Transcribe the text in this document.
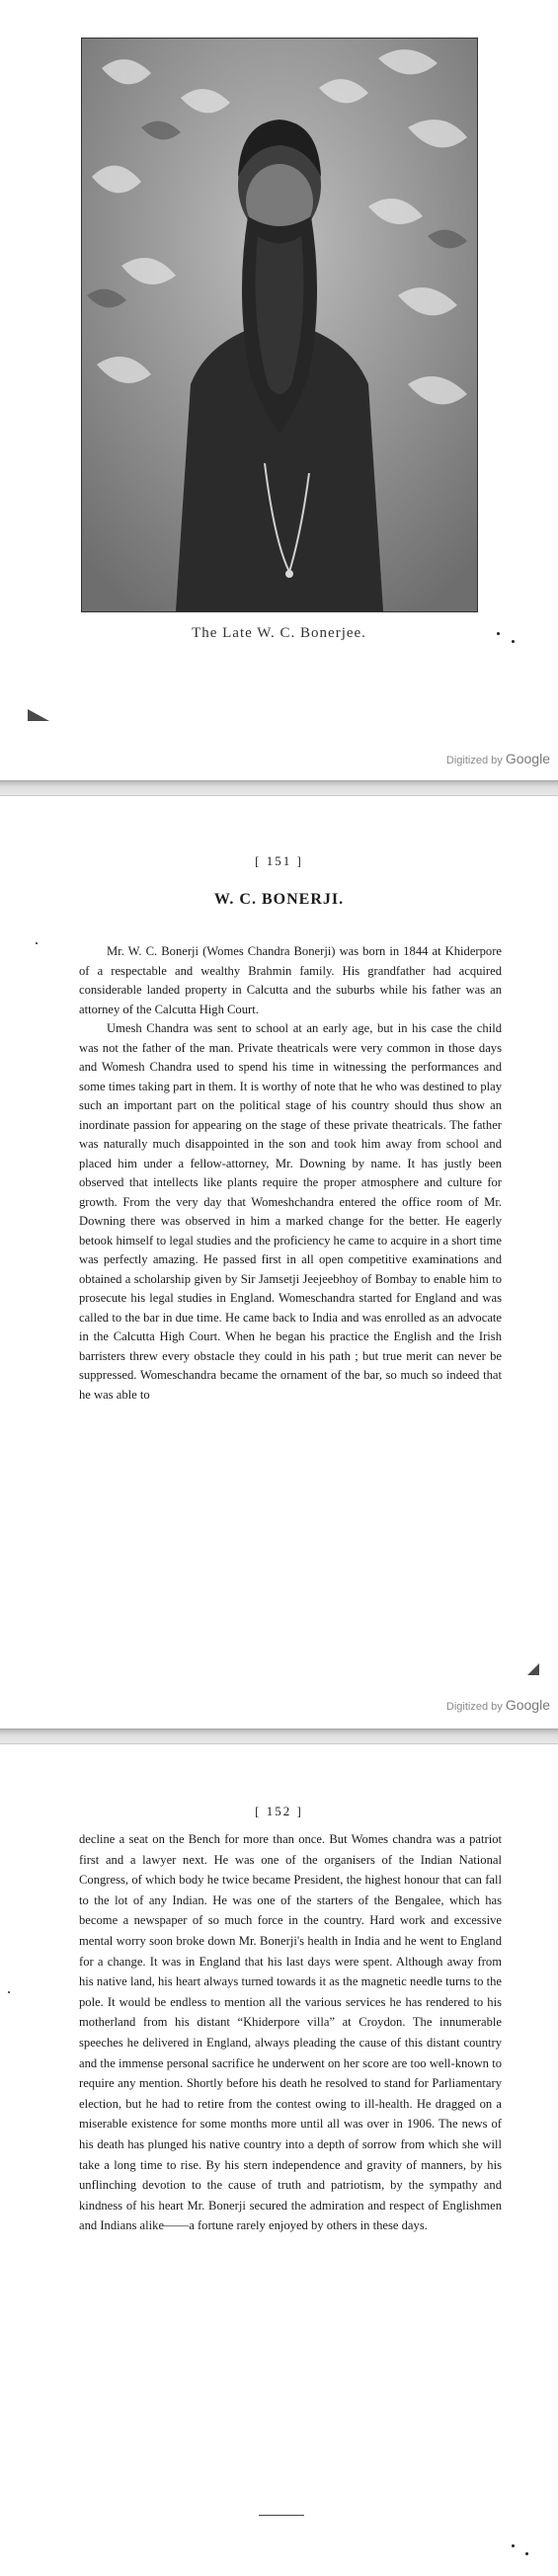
The Late W. C. Bonerjee.
Digitized by Google
[ 151 ]
W. C. BONERJI.

Mr. W. C. Bonerji (Womes Chandra Bonerji) was born in 1844 at Khiderpore of a respectable and wealthy Brahmin family. His grandfather had acquired considerable landed property in Calcutta and the suburbs while his father was an attorney of the Calcutta High Court.

Umesh Chandra was sent to school at an early age, but in his case the child was not the father of the man. Private theatricals were very common in those days and Womesh Chandra used to spend his time in witnessing the performances and some times taking part in them. It is worthy of note that he who was destined to play such an important part on the political stage of his country should thus show an inordinate passion for appearing on the stage of these private theatricals. The father was naturally much disappointed in the son and took him away from school and placed him under a fellow-attorney, Mr. Downing by name. It has justly been observed that intellects like plants require the proper atmosphere and culture for growth. From the very day that Womeshchandra entered the office room of Mr. Downing there was observed in him a marked change for the better. He eagerly betook himself to legal studies and the proficiency he came to acquire in a short time was perfectly amazing. He passed first in all open competitive examinations and obtained a scholarship given by Sir Jamsetji Jeejeebhoy of Bombay to enable him to prosecute his legal studies in England. Womeschandra started for England and was called to the bar in due time. He came back to India and was enrolled as an advocate in the Calcutta High Court. When he began his practice the English and the Irish barristers threw every obstacle they could in his path ; but true merit can never be suppressed. Womeschandra became the ornament of the bar, so much so indeed that he was able to

Digitized by Google
[ 152 ]

decline a seat on the Bench for more than once. But Womes chandra was a patriot first and a lawyer next. He was one of the organisers of the Indian National Congress, of which body he twice became President, the highest honour that can fall to the lot of any Indian. He was one of the starters of the Bengalee, which has become a newspaper of so much force in the country. Hard work and excessive mental worry soon broke down Mr. Bonerji's health in India and he went to England for a change. It was in England that his last days were spent. Although away from his native land, his heart always turned towards it as the magnetic needle turns to the pole. It would be endless to mention all the various services he has rendered to his motherland from his distant “Khiderpore villa” at Croydon. The innumerable speeches he delivered in England, always pleading the cause of this distant country and the immense personal sacrifice he underwent on her score are too well-known to require any mention. Shortly before his death he resolved to stand for Parliamentary election, but he had to retire from the contest owing to ill-health. He dragged on a miserable existence for some months more until all was over in 1906. The news of his death has plunged his native country into a depth of sorrow from which she will take a long time to rise. By his stern independence and gravity of manners, by his unflinching devotion to the cause of truth and patriotism, by the sympathy and kindness of his heart Mr. Bonerji secured the admiration and respect of Englishmen and Indians alike——a fortune rarely enjoyed by others in these days.
